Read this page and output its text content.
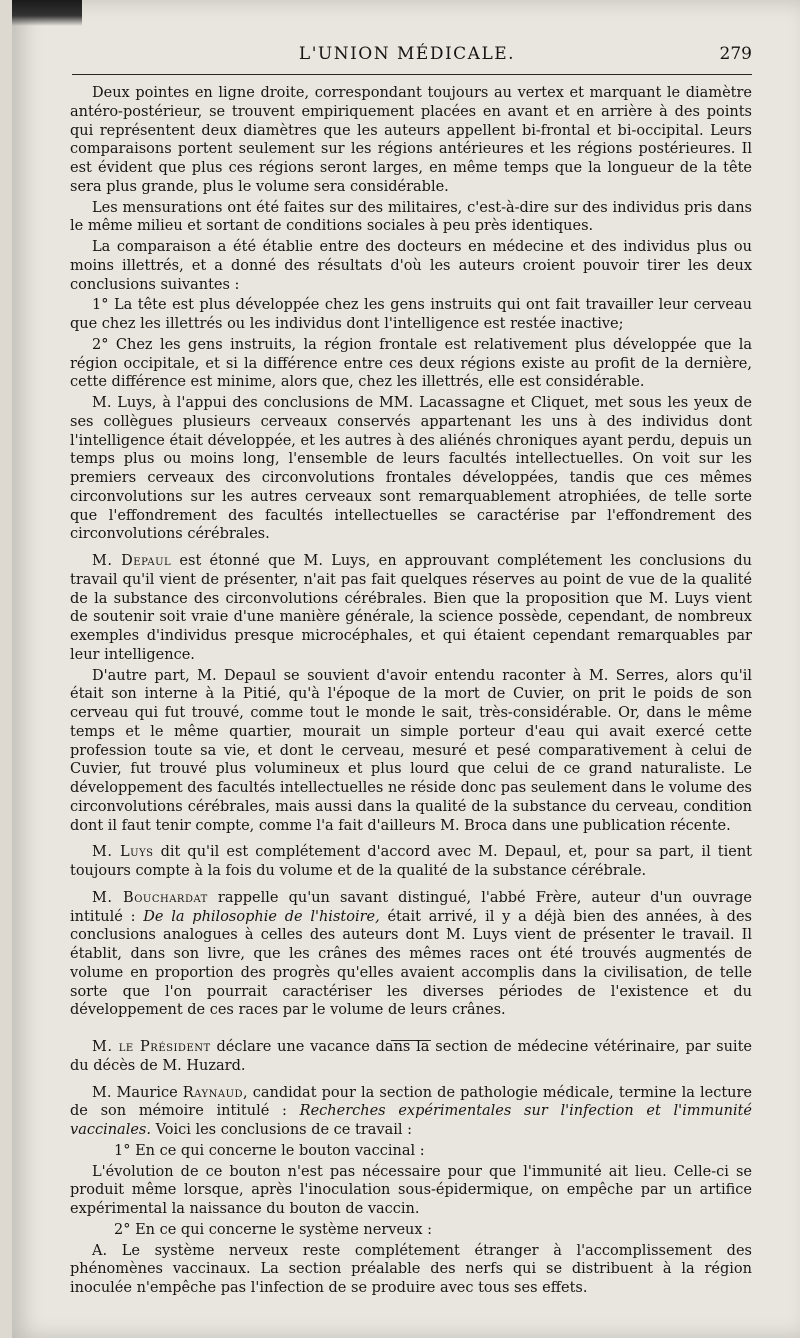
L'UNION MÉDICALE.	279

Deux pointes en ligne droite, correspondant toujours au vertex et marquant le diamètre antéro-postérieur, se trouvent empiriquement placées en avant et en arrière à des points qui représentent deux diamètres que les auteurs appellent bi-frontal et bi-occipital. Leurs comparaisons portent seulement sur les régions antérieures et les régions postérieures. Il est évident que plus ces régions seront larges, en même temps que la longueur de la tête sera plus grande, plus le volume sera considérable.

Les mensurations ont été faites sur des militaires, c'est-à-dire sur des individus pris dans le même milieu et sortant de conditions sociales à peu près identiques.

La comparaison a été établie entre des docteurs en médecine et des individus plus ou moins illettrés, et a donné des résultats d'où les auteurs croient pouvoir tirer les deux conclusions suivantes :

1° La tête est plus développée chez les gens instruits qui ont fait travailler leur cerveau que chez les illettrés ou les individus dont l'intelligence est restée inactive;

2° Chez les gens instruits, la région frontale est relativement plus développée que la région occipitale, et si la différence entre ces deux régions existe au profit de la dernière, cette différence est minime, alors que, chez les illettrés, elle est considérable.

M. Luys, à l'appui des conclusions de MM. Lacassagne et Cliquet, met sous les yeux de ses collègues plusieurs cerveaux conservés appartenant les uns à des individus dont l'intelligence était développée, et les autres à des aliénés chroniques ayant perdu, depuis un temps plus ou moins long, l'ensemble de leurs facultés intellectuelles. On voit sur les premiers cerveaux des circonvolutions frontales développées, tandis que ces mêmes circonvolutions sur les autres cerveaux sont remarquablement atrophiées, de telle sorte que l'effondrement des facultés intellectuelles se caractérise par l'effondrement des circonvolutions cérébrales.

M. Depaul est étonné que M. Luys, en approuvant complétement les conclusions du travail qu'il vient de présenter, n'ait pas fait quelques réserves au point de vue de la qualité de la substance des circonvolutions cérébrales. Bien que la proposition que M. Luys vient de soutenir soit vraie d'une manière générale, la science possède, cependant, de nombreux exemples d'individus presque microcéphales, et qui étaient cependant remarquables par leur intelligence.

D'autre part, M. Depaul se souvient d'avoir entendu raconter à M. Serres, alors qu'il était son interne à la Pitié, qu'à l'époque de la mort de Cuvier, on prit le poids de son cerveau qui fut trouvé, comme tout le monde le sait, très-considérable. Or, dans le même temps et le même quartier, mourait un simple porteur d'eau qui avait exercé cette profession toute sa vie, et dont le cerveau, mesuré et pesé comparativement à celui de Cuvier, fut trouvé plus volumineux et plus lourd que celui de ce grand naturaliste. Le développement des facultés intellectuelles ne réside donc pas seulement dans le volume des circonvolutions cérébrales, mais aussi dans la qualité de la substance du cerveau, condition dont il faut tenir compte, comme l'a fait d'ailleurs M. Broca dans une publication récente.

M. Luys dit qu'il est complétement d'accord avec M. Depaul, et, pour sa part, il tient toujours compte à la fois du volume et de la qualité de la substance cérébrale.

M. Bouchardat rappelle qu'un savant distingué, l'abbé Frère, auteur d'un ouvrage intitulé : De la philosophie de l'histoire, était arrivé, il y a déjà bien des années, à des conclusions analogues à celles des auteurs dont M. Luys vient de présenter le travail. Il établit, dans son livre, que les crânes des mêmes races ont été trouvés augmentés de volume en proportion des progrès qu'elles avaient accomplis dans la civilisation, de telle sorte que l'on pourrait caractériser les diverses périodes de l'existence et du développement de ces races par le volume de leurs crânes.

M. le Président déclare une vacance dans la section de médecine vétérinaire, par suite du décès de M. Huzard.

M. Maurice Raynaud, candidat pour la section de pathologie médicale, termine la lecture de son mémoire intitulé : Recherches expérimentales sur l'infection et l'immunité vaccinales. Voici les conclusions de ce travail :

1° En ce qui concerne le bouton vaccinal :

L'évolution de ce bouton n'est pas nécessaire pour que l'immunité ait lieu. Celle-ci se produit même lorsque, après l'inoculation sous-épidermique, on empêche par un artifice expérimental la naissance du bouton de vaccin.

2° En ce qui concerne le système nerveux :

A. Le système nerveux reste complétement étranger à l'accomplissement des phénomènes vaccinaux. La section préalable des nerfs qui se distribuent à la région inoculée n'empêche pas l'infection de se produire avec tous ses effets.
